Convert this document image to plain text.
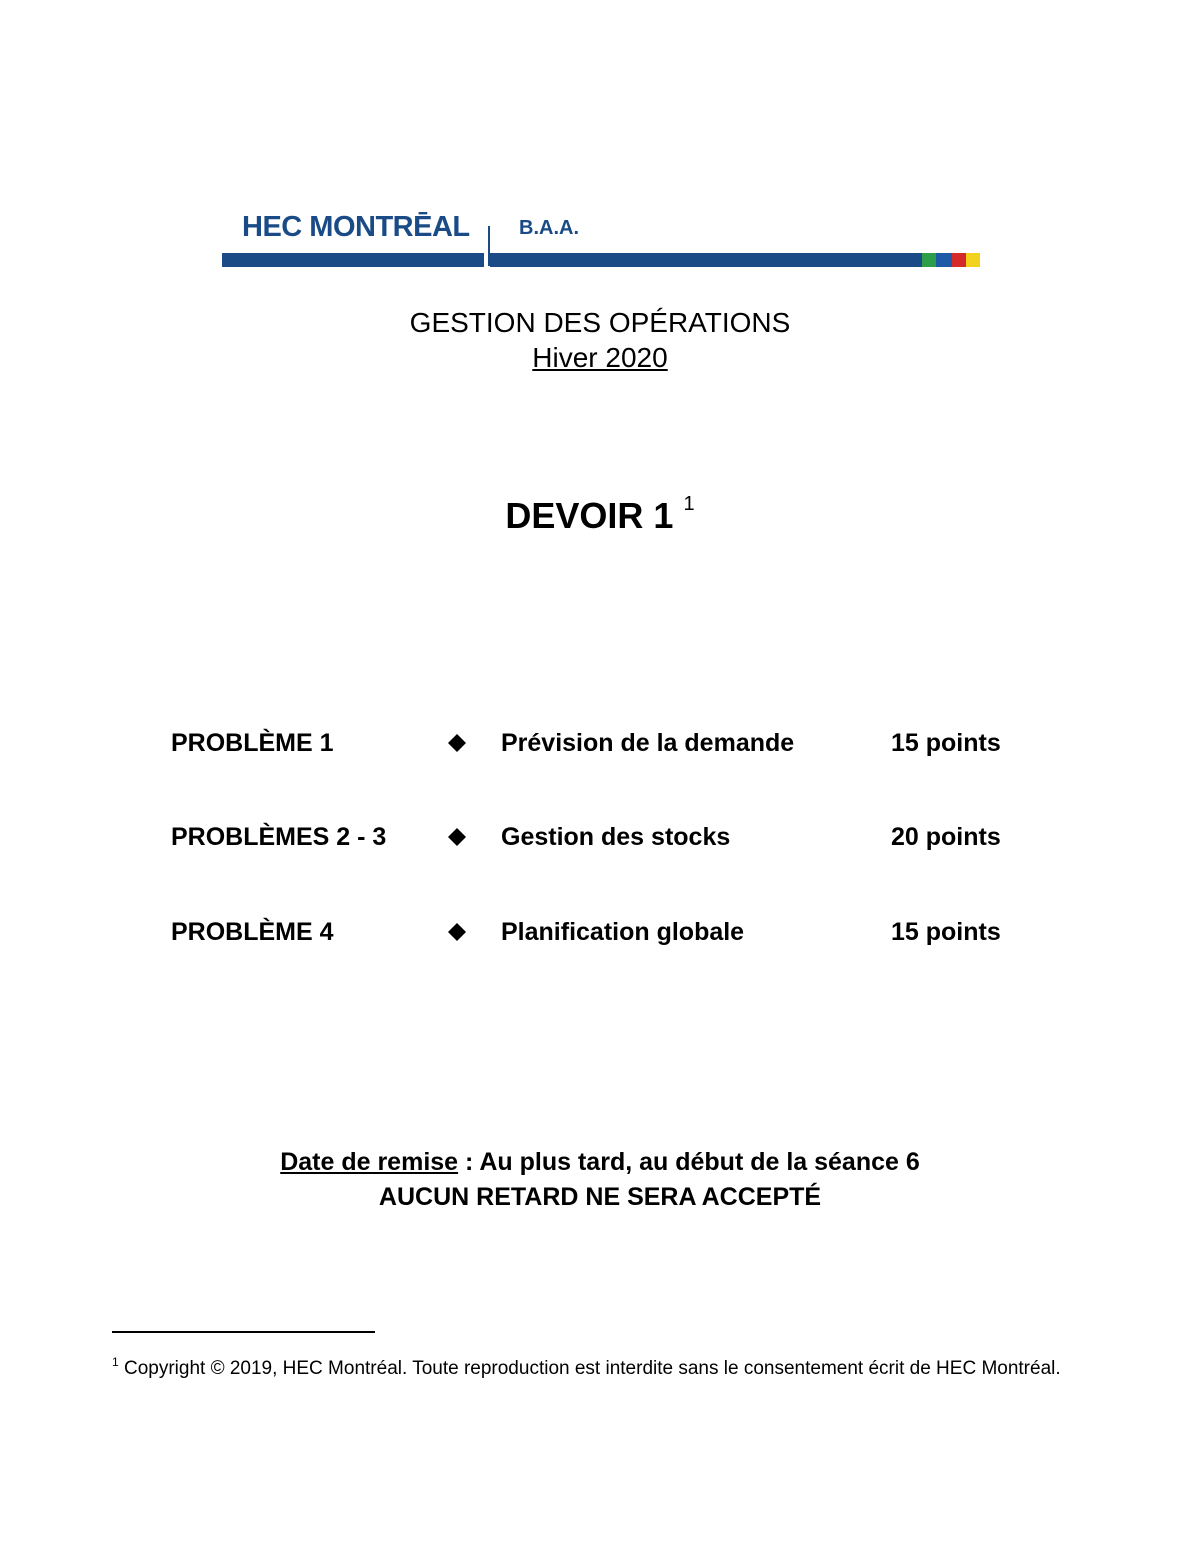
HEC MONTRĒAL B.A.A.
GESTION DES OPÉRATIONS
Hiver 2020
DEVOIR 1 $^1$
PROBLÈME 1	Prévision de la demande	15 points
PROBLÈMES 2 - 3	Gestion des stocks	20 points
PROBLÈME 4	Planification globale	15 points
Date de remise : Au plus tard, au début de la séance 6
AUCUN RETARD NE SERA ACCEPTÉ
$^1$ Copyright © 2019, HEC Montréal. Toute reproduction est interdite sans le consentement écrit de HEC Montréal.
